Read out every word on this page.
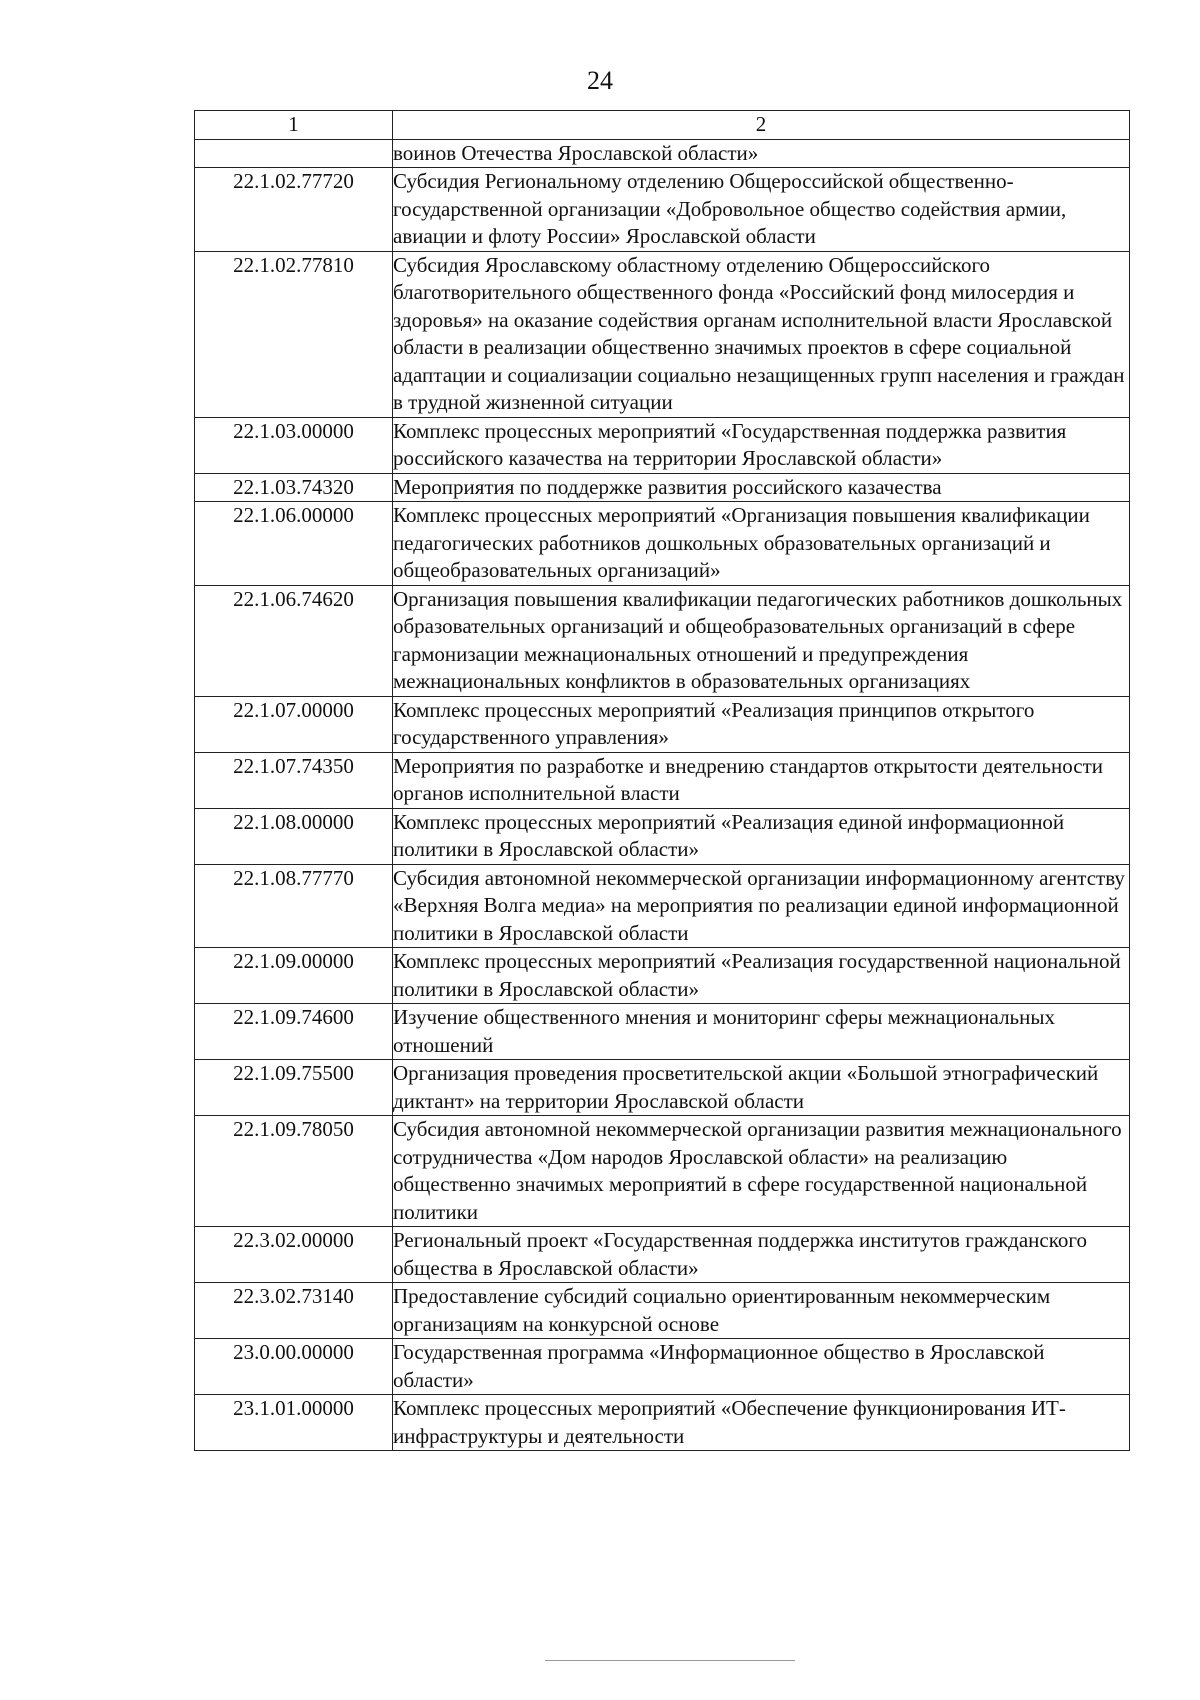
24
1	2
	воинов Отечества Ярославской области»
22.1.02.77720	Субсидия Региональному отделению Общероссийской общественно-государственной организации «Добровольное общество содействия армии, авиации и флоту России» Ярославской области
22.1.02.77810	Субсидия Ярославскому областному отделению Общероссийского благотворительного общественного фонда «Российский фонд милосердия и здоровья» на оказание содействия органам исполнительной власти Ярославской области в реализации общественно значимых проектов в сфере социальной адаптации и социализации социально незащищенных групп населения и граждан в трудной жизненной ситуации
22.1.03.00000	Комплекс процессных мероприятий «Государственная поддержка развития российского казачества на территории Ярославской области»
22.1.03.74320	Мероприятия по поддержке развития российского казачества
22.1.06.00000	Комплекс процессных мероприятий «Организация повышения квалификации педагогических работников дошкольных образовательных организаций и общеобразовательных организаций»
22.1.06.74620	Организация повышения квалификации педагогических работников дошкольных образовательных организаций и общеобразовательных организаций в сфере гармонизации межнациональных отношений и предупреждения межнациональных конфликтов в образовательных организациях
22.1.07.00000	Комплекс процессных мероприятий «Реализация принципов открытого государственного управления»
22.1.07.74350	Мероприятия по разработке и внедрению стандартов открытости деятельности органов исполнительной власти
22.1.08.00000	Комплекс процессных мероприятий «Реализация единой информационной политики в Ярославской области»
22.1.08.77770	Субсидия автономной некоммерческой организации информационному агентству «Верхняя Волга медиа» на мероприятия по реализации единой информационной политики в Ярославской области
22.1.09.00000	Комплекс процессных мероприятий «Реализация государственной национальной политики в Ярославской области»
22.1.09.74600	Изучение общественного мнения и мониторинг сферы межнациональных отношений
22.1.09.75500	Организация проведения просветительской акции «Большой этнографический диктант» на территории Ярославской области
22.1.09.78050	Субсидия автономной некоммерческой организации развития межнационального сотрудничества «Дом народов Ярославской области» на реализацию общественно значимых мероприятий в сфере государственной национальной политики
22.3.02.00000	Региональный проект «Государственная поддержка институтов гражданского общества в Ярославской области»
22.3.02.73140	Предоставление субсидий социально ориентированным некоммерческим организациям на конкурсной основе
23.0.00.00000	Государственная программа «Информационное общество в Ярославской области»
23.1.01.00000	Комплекс процессных мероприятий «Обеспечение функционирования ИТ-инфраструктуры и деятельности
